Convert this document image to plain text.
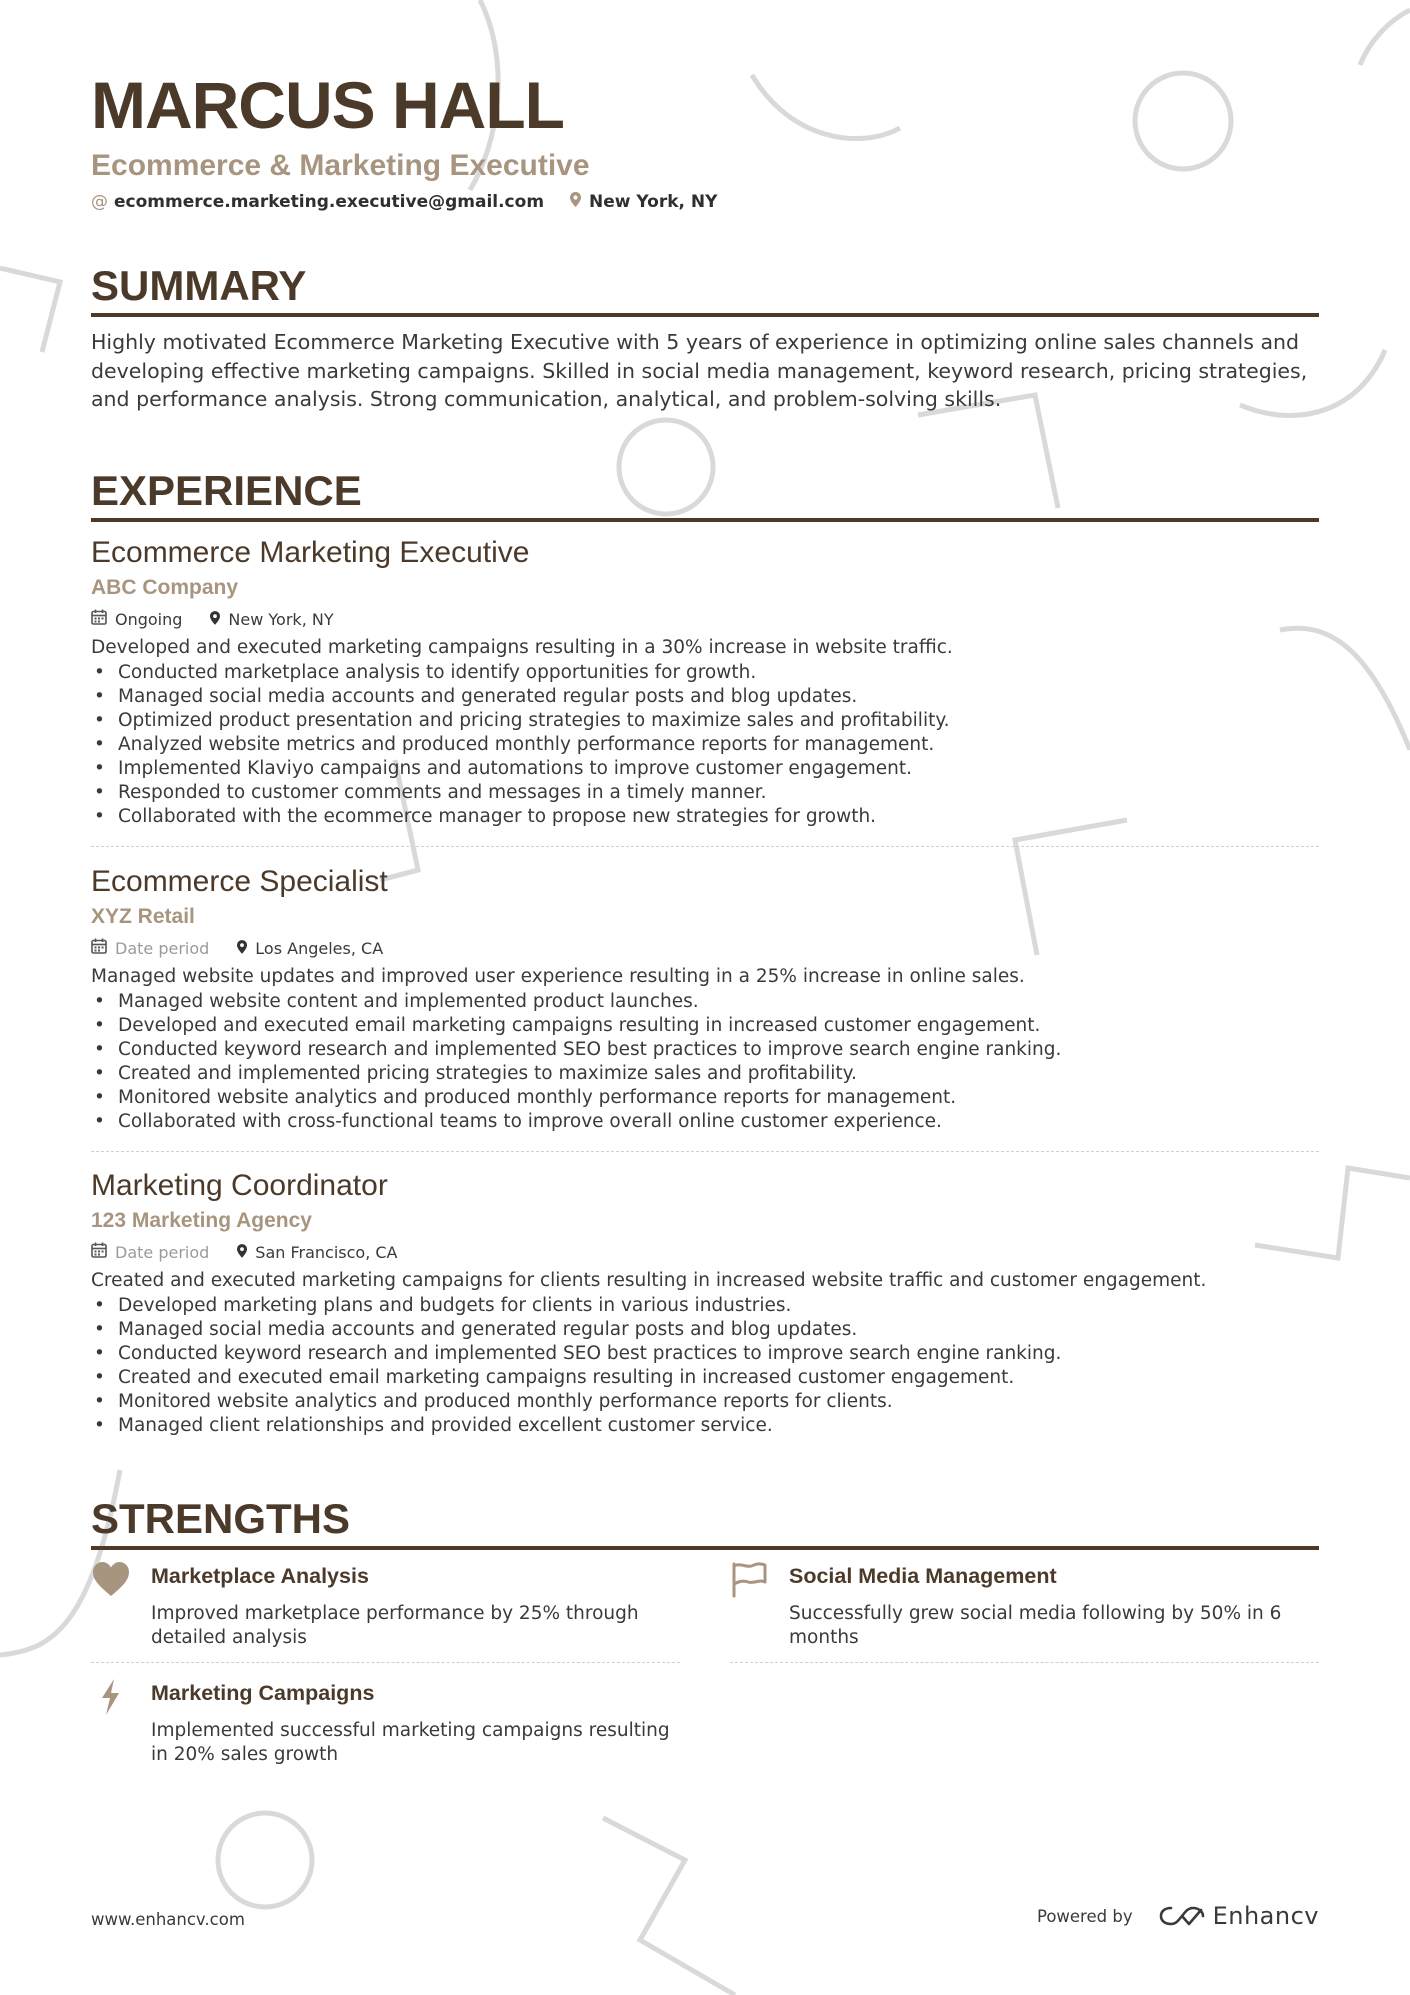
MARCUS HALL
Ecommerce & Marketing Executive
@ ecommerce.marketing.executive@gmail.com	New York, NY
SUMMARY

Highly motivated Ecommerce Marketing Executive with 5 years of experience in optimizing online sales channels and developing effective marketing campaigns. Skilled in social media management, keyword research, pricing strategies, and performance analysis. Strong communication, analytical, and problem-solving skills.

EXPERIENCE
Ecommerce Marketing Executive
ABC Company
Ongoing	New York, NY
Developed and executed marketing campaigns resulting in a 30% increase in website traffic.
• Conducted marketplace analysis to identify opportunities for growth.
• Managed social media accounts and generated regular posts and blog updates.
• Optimized product presentation and pricing strategies to maximize sales and profitability.
• Analyzed website metrics and produced monthly performance reports for management.
• Implemented Klaviyo campaigns and automations to improve customer engagement.
• Responded to customer comments and messages in a timely manner.
• Collaborated with the ecommerce manager to propose new strategies for growth.
Ecommerce Specialist
XYZ Retail
Date period	Los Angeles, CA
Managed website updates and improved user experience resulting in a 25% increase in online sales.
• Managed website content and implemented product launches.
• Developed and executed email marketing campaigns resulting in increased customer engagement.
• Conducted keyword research and implemented SEO best practices to improve search engine ranking.
• Created and implemented pricing strategies to maximize sales and profitability.
• Monitored website analytics and produced monthly performance reports for management.
• Collaborated with cross-functional teams to improve overall online customer experience.
Marketing Coordinator
123 Marketing Agency
Date period	San Francisco, CA
Created and executed marketing campaigns for clients resulting in increased website traffic and customer engagement.
• Developed marketing plans and budgets for clients in various industries.
• Managed social media accounts and generated regular posts and blog updates.
• Conducted keyword research and implemented SEO best practices to improve search engine ranking.
• Created and executed email marketing campaigns resulting in increased customer engagement.
• Monitored website analytics and produced monthly performance reports for clients.
• Managed client relationships and provided excellent customer service.
STRENGTHS
Marketplace Analysis
Improved marketplace performance by 25% through detailed analysis
Social Media Management
Successfully grew social media following by 50% in 6 months
Marketing Campaigns
Implemented successful marketing campaigns resulting in 20% sales growth
www.enhancv.com	Powered by	Enhancv
